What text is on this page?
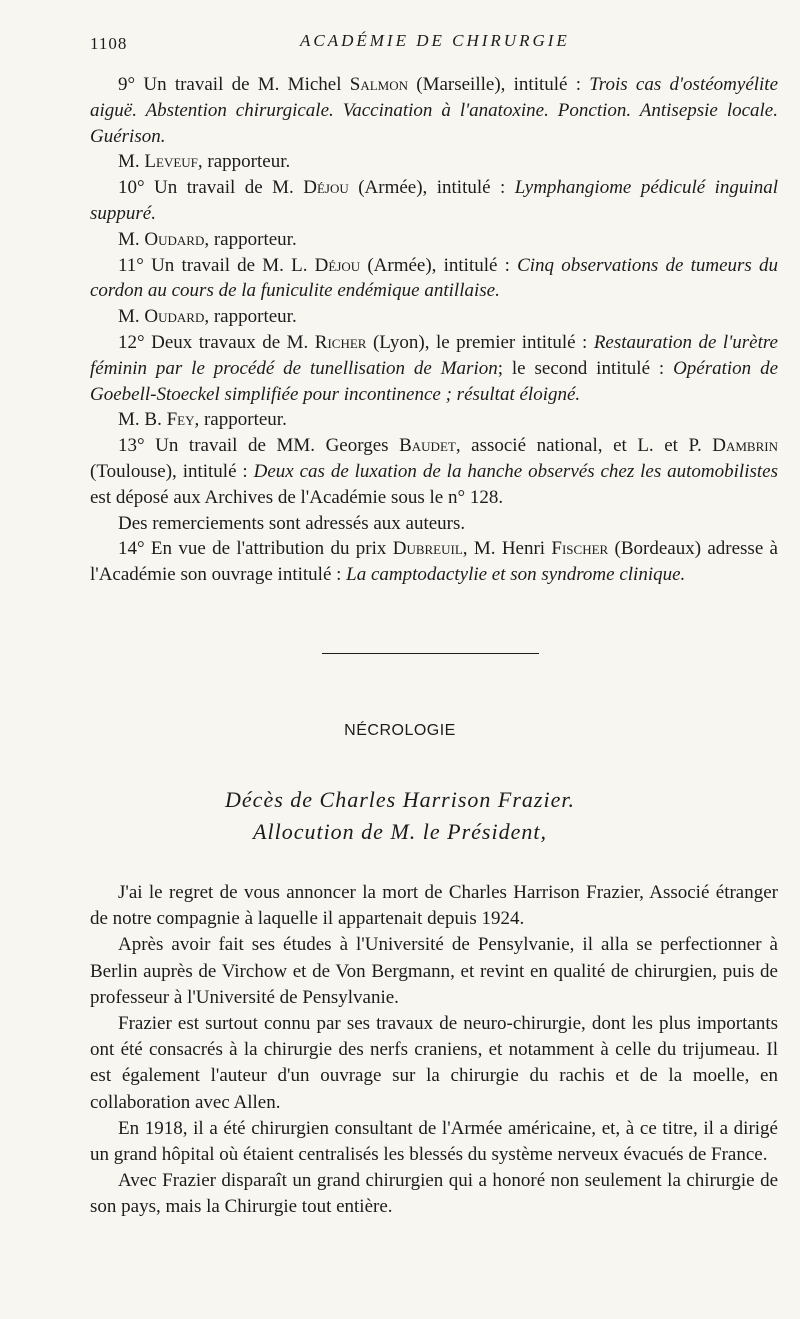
1108	ACADÉMIE DE CHIRURGIE

9° Un travail de M. Michel Salmon (Marseille), intitulé : Trois cas d'ostéomyélite aiguë. Abstention chirurgicale. Vaccination à l'anatoxine. Ponction. Antisepsie locale. Guérison.

M. Leveuf, rapporteur.

10° Un travail de M. Déjou (Armée), intitulé : Lymphangiome pédiculé inguinal suppuré.

M. Oudard, rapporteur.

11° Un travail de M. L. Déjou (Armée), intitulé : Cinq observations de tumeurs du cordon au cours de la funiculite endémique antillaise.

M. Oudard, rapporteur.

12° Deux travaux de M. Richer (Lyon), le premier intitulé : Restauration de l'urètre féminin par le procédé de tunellisation de Marion; le second intitulé : Opération de Goebell-Stoeckel simplifiée pour incontinence ; résultat éloigné.

M. B. Fey, rapporteur.

13° Un travail de MM. Georges Baudet, associé national, et L. et P. Dambrin (Toulouse), intitulé : Deux cas de luxation de la hanche observés chez les automobilistes est déposé aux Archives de l'Académie sous le n° 128.

Des remerciements sont adressés aux auteurs.

14° En vue de l'attribution du prix Dubreuil, M. Henri Fischer (Bordeaux) adresse à l'Académie son ouvrage intitulé : La camptodactylie et son syndrome clinique.

NÉCROLOGIE
Décès de Charles Harrison Frazier.
Allocution de M. le Président,

J'ai le regret de vous annoncer la mort de Charles Harrison Frazier, Associé étranger de notre compagnie à laquelle il appartenait depuis 1924.

Après avoir fait ses études à l'Université de Pensylvanie, il alla se perfectionner à Berlin auprès de Virchow et de Von Bergmann, et revint en qualité de chirurgien, puis de professeur à l'Université de Pensylvanie.

Frazier est surtout connu par ses travaux de neuro-chirurgie, dont les plus importants ont été consacrés à la chirurgie des nerfs craniens, et notamment à celle du trijumeau. Il est également l'auteur d'un ouvrage sur la chirurgie du rachis et de la moelle, en collaboration avec Allen.

En 1918, il a été chirurgien consultant de l'Armée américaine, et, à ce titre, il a dirigé un grand hôpital où étaient centralisés les blessés du système nerveux évacués de France.

Avec Frazier disparaît un grand chirurgien qui a honoré non seulement la chirurgie de son pays, mais la Chirurgie tout entière.
